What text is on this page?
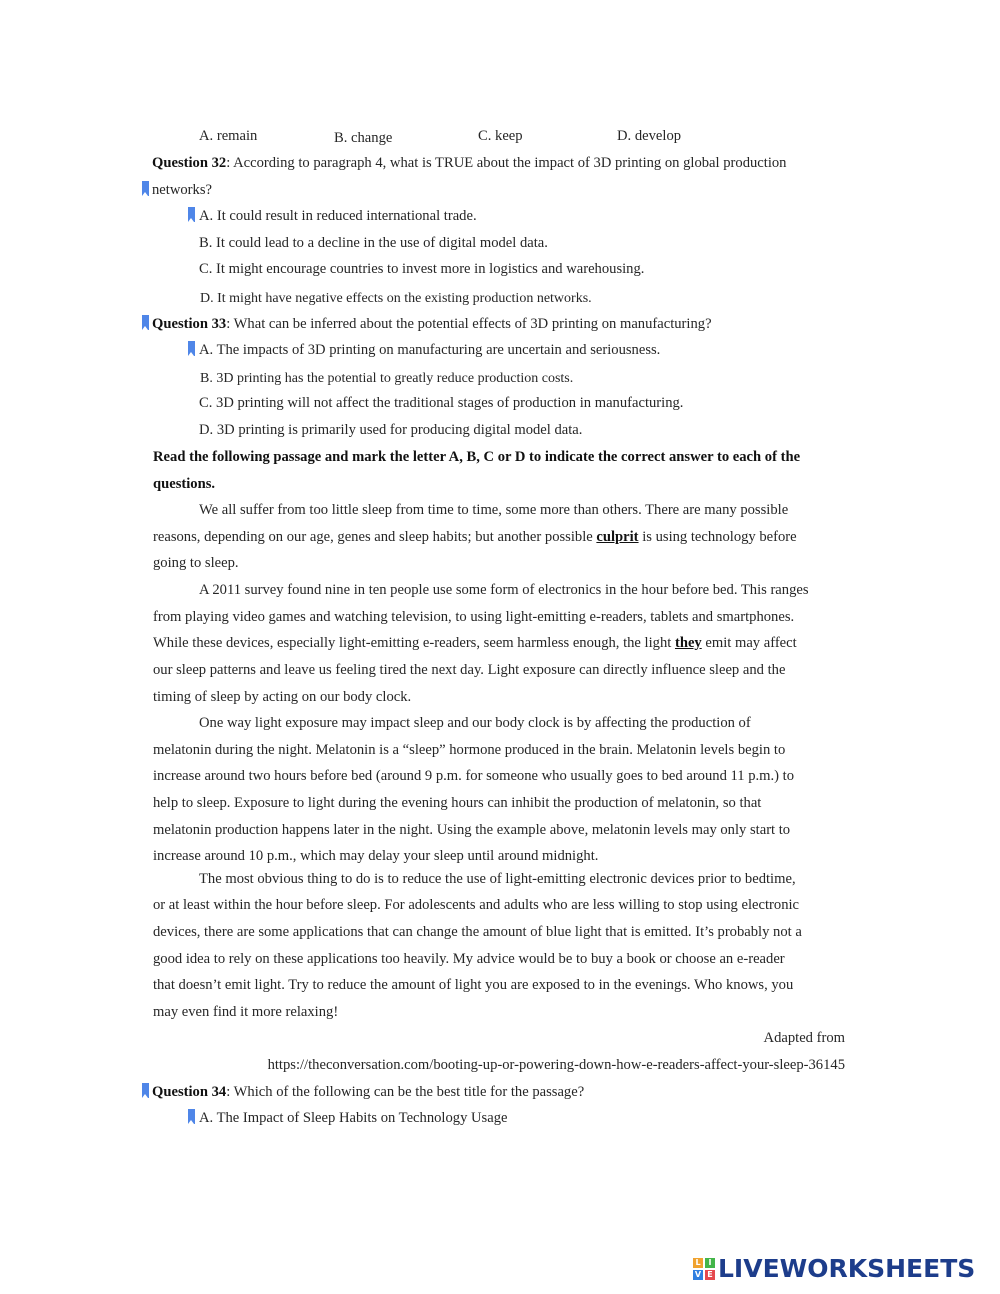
A. remain	B. change	C. keep	D. develop
Question 32: According to paragraph 4, what is TRUE about the impact of 3D printing on global production
networks?
A. It could result in reduced international trade.
B. It could lead to a decline in the use of digital model data.
C. It might encourage countries to invest more in logistics and warehousing.
D. It might have negative effects on the existing production networks.
Question 33: What can be inferred about the potential effects of 3D printing on manufacturing?
A. The impacts of 3D printing on manufacturing are uncertain and seriousness.
B. 3D printing has the potential to greatly reduce production costs.
C. 3D printing will not affect the traditional stages of production in manufacturing.
D. 3D printing is primarily used for producing digital model data.
Read the following passage and mark the letter A, B, C or D to indicate the correct answer to each of the
questions.
We all suffer from too little sleep from time to time, some more than others. There are many possible
reasons, depending on our age, genes and sleep habits; but another possible culprit is using technology before
going to sleep.
A 2011 survey found nine in ten people use some form of electronics in the hour before bed. This ranges
from playing video games and watching television, to using light-emitting e-readers, tablets and smartphones.
While these devices, especially light-emitting e-readers, seem harmless enough, the light they emit may affect
our sleep patterns and leave us feeling tired the next day. Light exposure can directly influence sleep and the
timing of sleep by acting on our body clock.
One way light exposure may impact sleep and our body clock is by affecting the production of
melatonin during the night. Melatonin is a “sleep” hormone produced in the brain. Melatonin levels begin to
increase around two hours before bed (around 9 p.m. for someone who usually goes to bed around 11 p.m.) to
help to sleep. Exposure to light during the evening hours can inhibit the production of melatonin, so that
melatonin production happens later in the night. Using the example above, melatonin levels may only start to
increase around 10 p.m., which may delay your sleep until around midnight.
The most obvious thing to do is to reduce the use of light-emitting electronic devices prior to bedtime,
or at least within the hour before sleep. For adolescents and adults who are less willing to stop using electronic
devices, there are some applications that can change the amount of blue light that is emitted. It’s probably not a
good idea to rely on these applications too heavily. My advice would be to buy a book or choose an e-reader
that doesn’t emit light. Try to reduce the amount of light you are exposed to in the evenings. Who knows, you
may even find it more relaxing!
Adapted from
https://theconversation.com/booting-up-or-powering-down-how-e-readers-affect-your-sleep-36145
Question 34: Which of the following can be the best title for the passage?
A. The Impact of Sleep Habits on Technology Usage
L I
V E LIVEWORKSHEETS
